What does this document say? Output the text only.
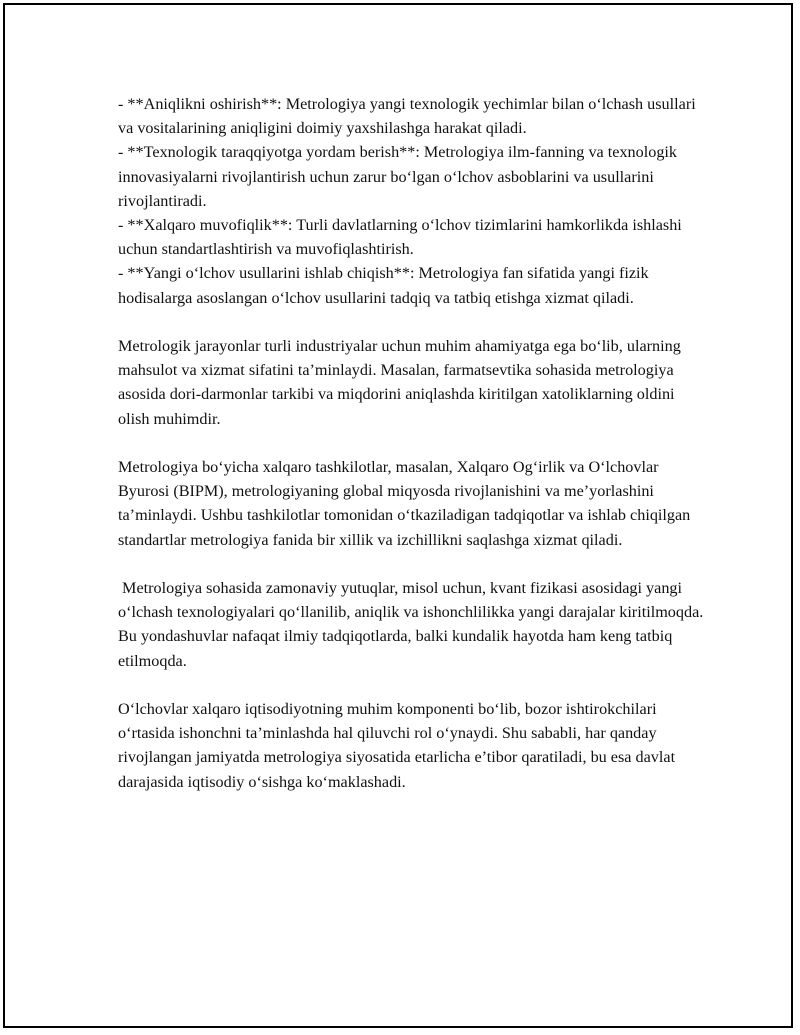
- **Aniqlikni oshirish**: Metrologiya yangi texnologik yechimlar bilan o‘lchash usullari va vositalarining aniqligini doimiy yaxshilashga harakat qiladi.

- **Texnologik taraqqiyotga yordam berish**: Metrologiya ilm-fanning va texnologik innovasiyalarni rivojlantirish uchun zarur bo‘lgan o‘lchov asboblarini va usullarini rivojlantiradi.

- **Xalqaro muvofiqlik**: Turli davlatlarning o‘lchov tizimlarini hamkorlikda ishlashi uchun standartlashtirish va muvofiqlashtirish.

- **Yangi o‘lchov usullarini ishlab chiqish**: Metrologiya fan sifatida yangi fizik hodisalarga asoslangan o‘lchov usullarini tadqiq va tatbiq etishga xizmat qiladi.

Metrologik jarayonlar turli industriyalar uchun muhim ahamiyatga ega bo‘lib, ularning mahsulot va xizmat sifatini ta’minlaydi. Masalan, farmatsevtika sohasida metrologiya asosida dori-darmonlar tarkibi va miqdorini aniqlashda kiritilgan xatoliklarning oldini olish muhimdir.

Metrologiya bo‘yicha xalqaro tashkilotlar, masalan, Xalqaro Og‘irlik va O‘lchovlar Byurosi (BIPM), metrologiyaning global miqyosda rivojlanishini va me’yorlashini ta’minlaydi. Ushbu tashkilotlar tomonidan o‘tkaziladigan tadqiqotlar va ishlab chiqilgan standartlar metrologiya fanida bir xillik va izchillikni saqlashga xizmat qiladi.

Metrologiya sohasida zamonaviy yutuqlar, misol uchun, kvant fizikasi asosidagi yangi o‘lchash texnologiyalari qo‘llanilib, aniqlik va ishonchlilikka yangi darajalar kiritilmoqda. Bu yondashuvlar nafaqat ilmiy tadqiqotlarda, balki kundalik hayotda ham keng tatbiq etilmoqda.

O‘lchovlar xalqaro iqtisodiyotning muhim komponenti bo‘lib, bozor ishtirokchilari o‘rtasida ishonchni ta’minlashda hal qiluvchi rol o‘ynaydi. Shu sababli, har qanday rivojlangan jamiyatda metrologiya siyosatida etarlicha e’tibor qaratiladi, bu esa davlat darajasida iqtisodiy o‘sishga ko‘maklashadi.
